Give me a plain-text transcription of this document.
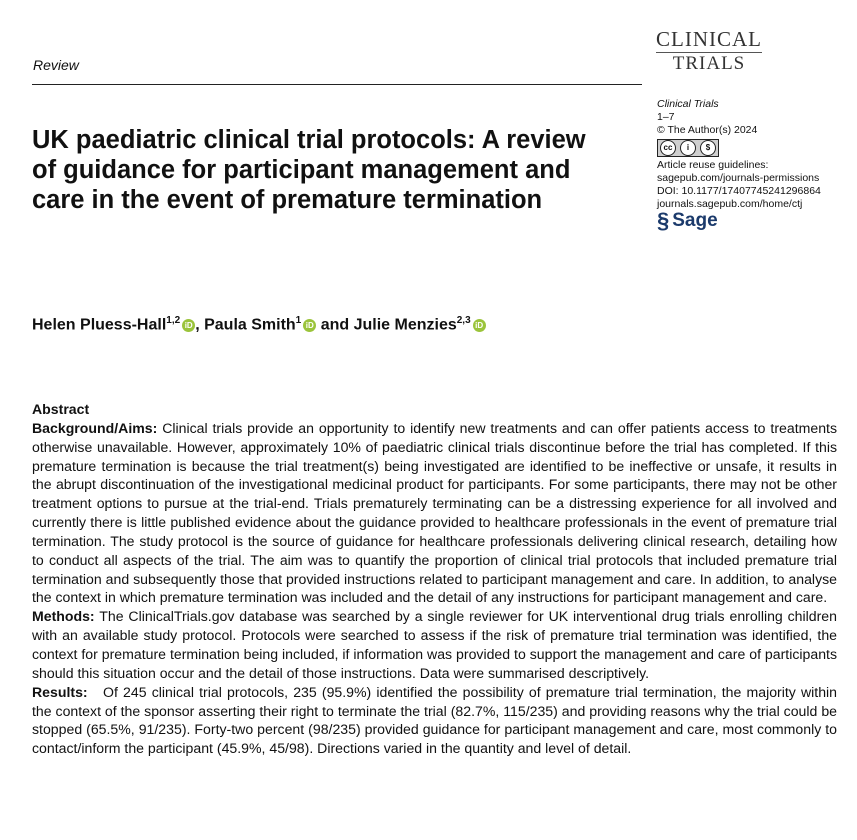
CLINICAL
TRIALS
Review
Clinical Trials
1–7
© The Author(s) 2024
cc	i	$
Article reuse guidelines:
sagepub.com/journals-permissions
DOI: 10.1177/17407745241296864
journals.sagepub.com/home/ctj
§ Sage
UK paediatric clinical trial protocols: A review of guidance for participant management and care in the event of premature termination
Helen Pluess-Hall$^{1,2}$ iD , Paula Smith$^1$ iD and Julie Menzies$^{2,3}$ iD
Abstract

Background/Aims: Clinical trials provide an opportunity to identify new treatments and can offer patients access to treatments otherwise unavailable. However, approximately 10% of paediatric clinical trials discontinue before the trial has completed. If this premature termination is because the trial treatment(s) being investigated are identified to be ineffective or unsafe, it results in the abrupt discontinuation of the investigational medicinal product for participants. For some participants, there may not be other treatment options to pursue at the trial-end. Trials prematurely terminating can be a distressing experience for all involved and currently there is little published evidence about the guidance provided to healthcare professionals in the event of premature trial termination. The study protocol is the source of guidance for healthcare professionals delivering clinical research, detailing how to conduct all aspects of the trial. The aim was to quantify the proportion of clinical trial protocols that included premature trial termination and subsequently those that provided instructions related to participant management and care. In addition, to analyse the context in which premature termination was included and the detail of any instructions for participant management and care.

Methods: The ClinicalTrials.gov database was searched by a single reviewer for UK interventional drug trials enrolling children with an available study protocol. Protocols were searched to assess if the risk of premature trial termination was identified, the context for premature termination being included, if information was provided to support the management and care of participants should this situation occur and the detail of those instructions. Data were summarised descriptively.

Results: Of 245 clinical trial protocols, 235 (95.9%) identified the possibility of premature trial termination, the majority within the context of the sponsor asserting their right to terminate the trial (82.7%, 115/235) and providing reasons why the trial could be stopped (65.5%, 91/235). Forty-two percent (98/235) provided guidance for participant management and care, most commonly to contact/inform the participant (45.9%, 45/98). Directions varied in the quantity and level of detail.
